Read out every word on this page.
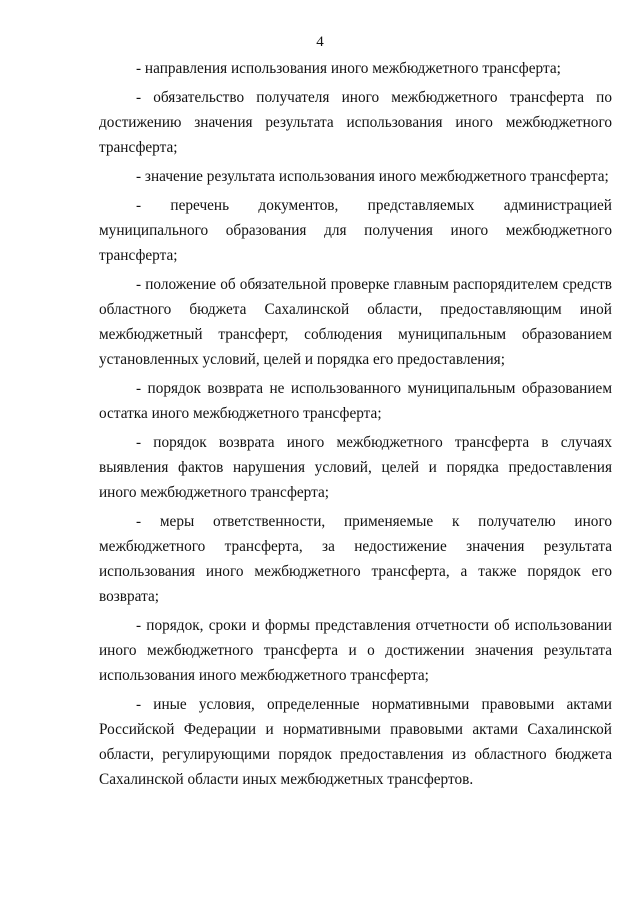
4

- направления использования иного межбюджетного трансферта;

- обязательство получателя иного межбюджетного трансферта по достижению значения результата использования иного межбюджетного трансферта;

- значение результата использования иного межбюджетного трансферта;

- перечень документов, представляемых администрацией муниципального образования для получения иного межбюджетного трансферта;

- положение об обязательной проверке главным распорядителем средств областного бюджета Сахалинской области, предоставляющим иной межбюджетный трансферт, соблюдения муниципальным образованием установленных условий, целей и порядка его предоставления;

- порядок возврата не использованного муниципальным образованием остатка иного межбюджетного трансферта;

- порядок возврата иного межбюджетного трансферта в случаях выявления фактов нарушения условий, целей и порядка предоставления иного межбюджетного трансферта;

- меры ответственности, применяемые к получателю иного межбюджетного трансферта, за недостижение значения результата использования иного межбюджетного трансферта, а также порядок его возврата;

- порядок, сроки и формы представления отчетности об использовании иного межбюджетного трансферта и о достижении значения результата использования иного межбюджетного трансферта;

- иные условия, определенные нормативными правовыми актами Российской Федерации и нормативными правовыми актами Сахалинской области, регулирующими порядок предоставления из областного бюджета Сахалинской области иных межбюджетных трансфертов.
